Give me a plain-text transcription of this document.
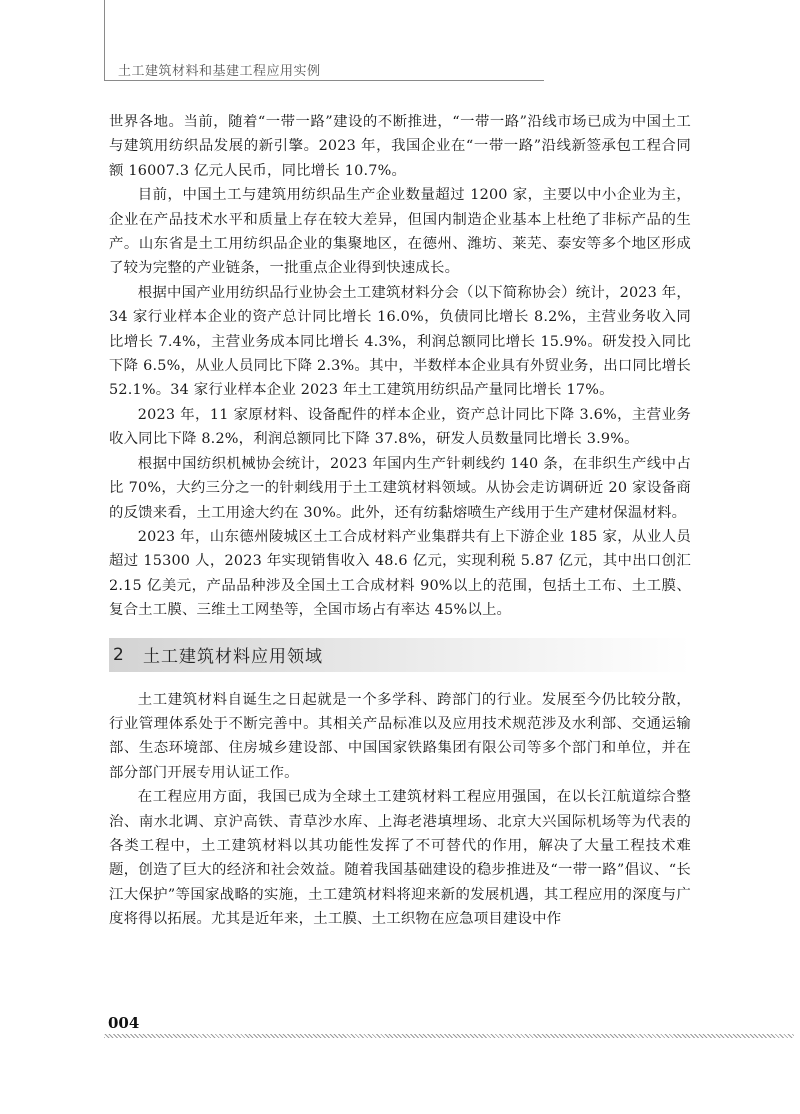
土工建筑材料和基建工程应用实例

世界各地。当前，随着“一带一路”建设的不断推进，“一带一路”沿线市场已成为中国土工与建筑用纺织品发展的新引擎。2023 年，我国企业在“一带一路”沿线新签承包工程合同额 16007.3 亿元人民币，同比增长 10.7%。

目前，中国土工与建筑用纺织品生产企业数量超过 1200 家，主要以中小企业为主，企业在产品技术水平和质量上存在较大差异，但国内制造企业基本上杜绝了非标产品的生产。山东省是土工用纺织品企业的集聚地区，在德州、潍坊、莱芜、泰安等多个地区形成了较为完整的产业链条，一批重点企业得到快速成长。

根据中国产业用纺织品行业协会土工建筑材料分会（以下简称协会）统计，2023 年，34 家行业样本企业的资产总计同比增长 16.0%，负债同比增长 8.2%，主营业务收入同比增长 7.4%，主营业务成本同比增长 4.3%，利润总额同比增长 15.9%。研发投入同比下降 6.5%，从业人员同比下降 2.3%。其中，半数样本企业具有外贸业务，出口同比增长 52.1%。34 家行业样本企业 2023 年土工建筑用纺织品产量同比增长 17%。

2023 年，11 家原材料、设备配件的样本企业，资产总计同比下降 3.6%，主营业务收入同比下降 8.2%，利润总额同比下降 37.8%，研发人员数量同比增长 3.9%。

根据中国纺织机械协会统计，2023 年国内生产针刺线约 140 条，在非织生产线中占比 70%，大约三分之一的针刺线用于土工建筑材料领域。从协会走访调研近 20 家设备商的反馈来看，土工用途大约在 30%。此外，还有纺黏熔喷生产线用于生产建材保温材料。

2023 年，山东德州陵城区土工合成材料产业集群共有上下游企业 185 家，从业人员超过 15300 人，2023 年实现销售收入 48.6 亿元，实现利税 5.87 亿元，其中出口创汇 2.15 亿美元，产品品种涉及全国土工合成材料 90%以上的范围，包括土工布、土工膜、复合土工膜、三维土工网垫等，全国市场占有率达 45%以上。

2	土工建筑材料应用领域

土工建筑材料自诞生之日起就是一个多学科、跨部门的行业。发展至今仍比较分散，行业管理体系处于不断完善中。其相关产品标准以及应用技术规范涉及水利部、交通运输部、生态环境部、住房城乡建设部、中国国家铁路集团有限公司等多个部门和单位，并在部分部门开展专用认证工作。

在工程应用方面，我国已成为全球土工建筑材料工程应用强国，在以长江航道综合整治、南水北调、京沪高铁、青草沙水库、上海老港填埋场、北京大兴国际机场等为代表的各类工程中，土工建筑材料以其功能性发挥了不可替代的作用，解决了大量工程技术难题，创造了巨大的经济和社会效益。随着我国基础建设的稳步推进及“一带一路”倡议、“长江大保护”等国家战略的实施，土工建筑材料将迎来新的发展机遇，其工程应用的深度与广度将得以拓展。尤其是近年来，土工膜、土工织物在应急项目建设中作

004
